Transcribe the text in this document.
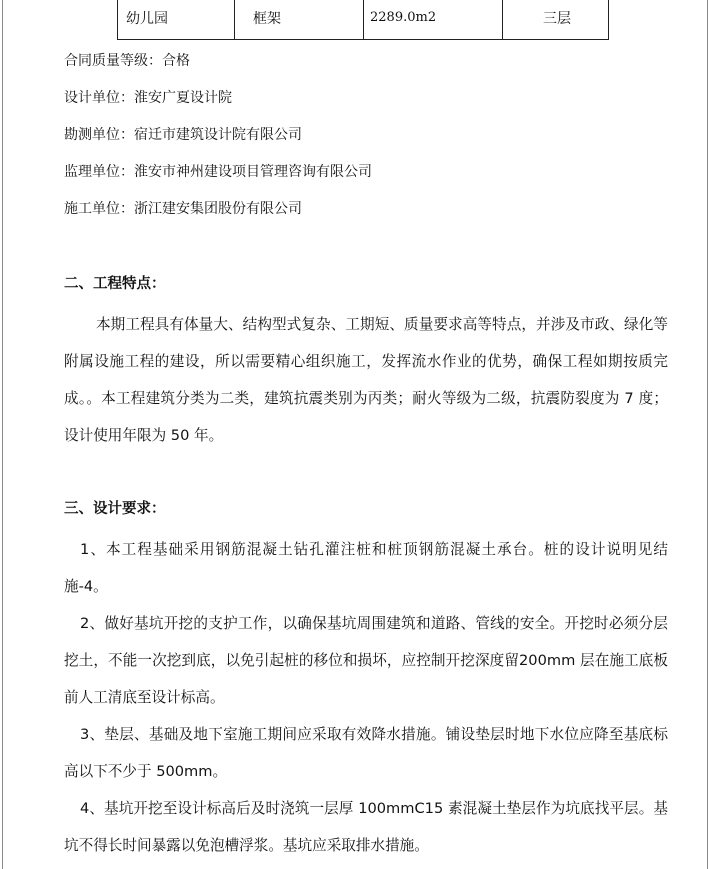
幼儿园	框架	2289.0m2	三层
合同质量等级：合格
设计单位：淮安广夏设计院
勘测单位：宿迁市建筑设计院有限公司
监理单位：淮安市神州建设项目管理咨询有限公司
施工单位：浙江建安集团股份有限公司
二、工程特点：

本期工程具有体量大、结构型式复杂、工期短、质量要求高等特点，并涉及市政、绿化等附属设施工程的建设，所以需要精心组织施工，发挥流水作业的优势，确保工程如期按质完成。。本工程建筑分类为二类，建筑抗震类别为丙类；耐火等级为二级，抗震防裂度为 7 度；设计使用年限为 50 年。

三、设计要求：

1、本工程基础采用钢筋混凝土钻孔灌注桩和桩顶钢筋混凝土承台。桩的设计说明见结施-4。

2、做好基坑开挖的支护工作，以确保基坑周围建筑和道路、管线的安全。开挖时必须分层挖土，不能一次挖到底，以免引起桩的移位和损坏，应控制开挖深度留200mm 层在施工底板前人工清底至设计标高。

3、垫层、基础及地下室施工期间应采取有效降水措施。铺设垫层时地下水位应降至基底标高以下不少于 500mm。

4、基坑开挖至设计标高后及时浇筑一层厚 100mmC15 素混凝土垫层作为坑底找平层。基坑不得长时间暴露以免泡槽浮浆。基坑应采取排水措施。
